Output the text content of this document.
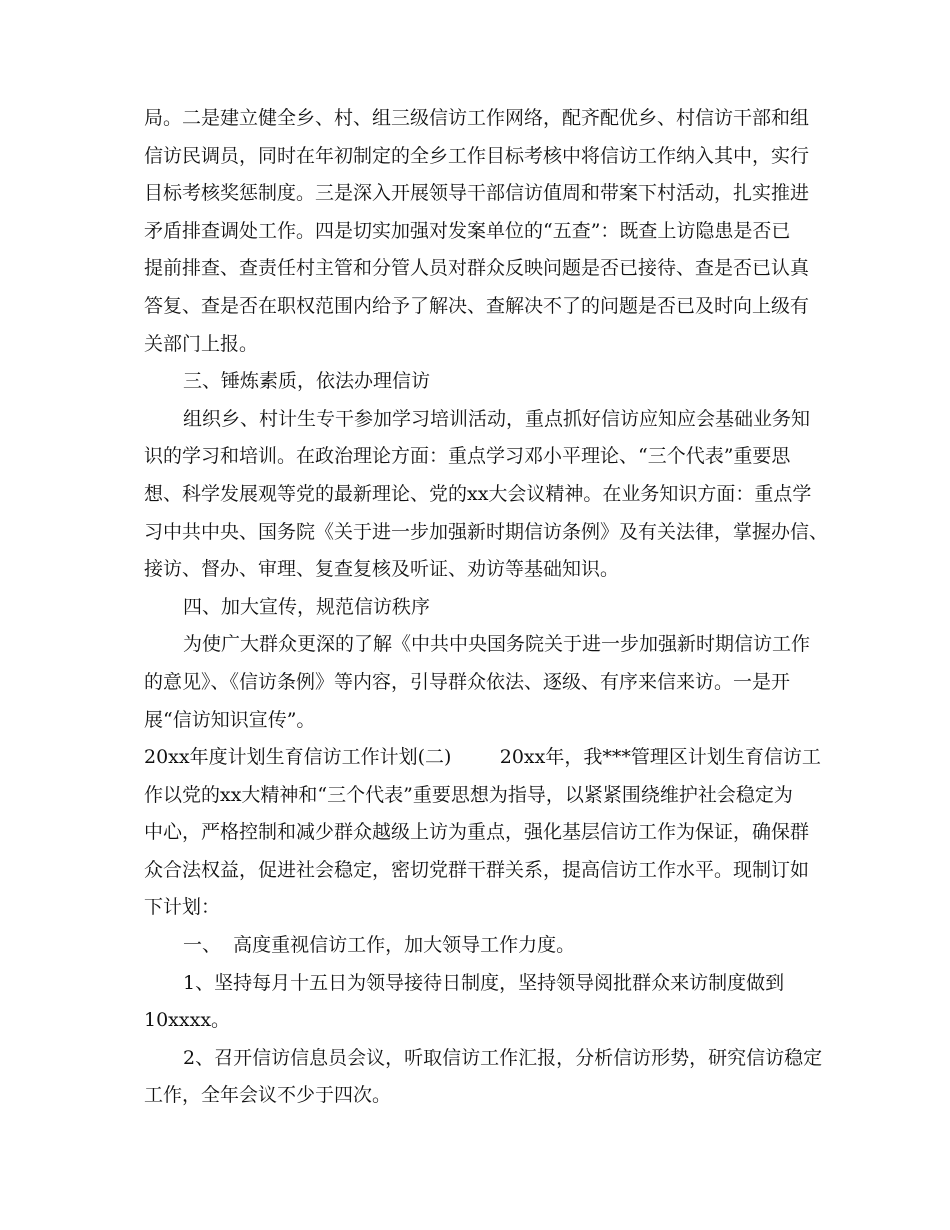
局。二是建立健全乡、村、组三级信访工作网络，配齐配优乡、村信访干部和组

信访民调员，同时在年初制定的全乡工作目标考核中将信访工作纳入其中，实行

目标考核奖惩制度。三是深入开展领导干部信访值周和带案下村活动，扎实推进

矛盾排查调处工作。四是切实加强对发案单位的“五查”：既查上访隐患是否已

提前排查、查责任村主管和分管人员对群众反映问题是否已接待、查是否已认真

答复、查是否在职权范围内给予了解决、查解决不了的问题是否已及时向上级有

关部门上报。

三、锤炼素质，依法办理信访

组织乡、村计生专干参加学习培训活动，重点抓好信访应知应会基础业务知

识的学习和培训。在政治理论方面：重点学习邓小平理论、“三个代表”重要思

想、科学发展观等党的最新理论、党的xx大会议精神。在业务知识方面：重点学

习中共中央、国务院《关于进一步加强新时期信访条例》及有关法律，掌握办信、

接访、督办、审理、复查复核及听证、劝访等基础知识。

四、加大宣传，规范信访秩序

为使广大群众更深的了解《中共中央国务院关于进一步加强新时期信访工作

的意见》、《信访条例》等内容，引导群众依法、逐级、有序来信来访。一是开

展“信访知识宣传”。

20xx年度计划生育信访工作计划(二)        20xx年，我***管理区计划生育信访工

作以党的xx大精神和“三个代表”重要思想为指导，以紧紧围绕维护社会稳定为

中心，严格控制和减少群众越级上访为重点，强化基层信访工作为保证，确保群

众合法权益，促进社会稳定，密切党群干群关系，提高信访工作水平。现制订如

下计划：

一、  高度重视信访工作，加大领导工作力度。

1、坚持每月十五日为领导接待日制度，坚持领导阅批群众来访制度做到

10xxxx。

2、召开信访信息员会议，听取信访工作汇报，分析信访形势，研究信访稳定

工作，全年会议不少于四次。
